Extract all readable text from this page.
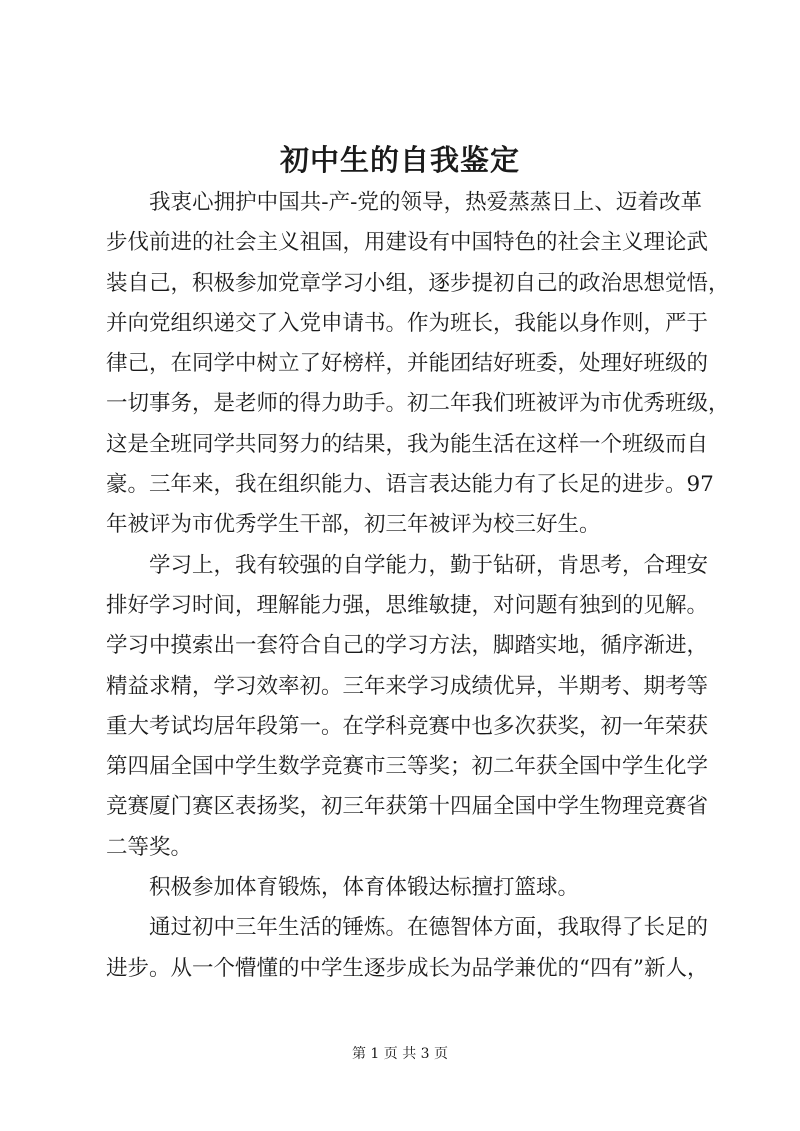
初中生的自我鉴定
我衷心拥护中国共-产-党的领导，热爱蒸蒸日上、迈着改革
步伐前进的社会主义祖国，用建设有中国特色的社会主义理论武
装自己，积极参加党章学习小组，逐步提初自己的政治思想觉悟，
并向党组织递交了入党申请书。作为班长，我能以身作则，严于
律己，在同学中树立了好榜样，并能团结好班委，处理好班级的
一切事务，是老师的得力助手。初二年我们班被评为市优秀班级，
这是全班同学共同努力的结果，我为能生活在这样一个班级而自
豪。三年来，我在组织能力、语言表达能力有了长足的进步。97
年被评为市优秀学生干部，初三年被评为校三好生。
学习上，我有较强的自学能力，勤于钻研，肯思考，合理安
排好学习时间，理解能力强，思维敏捷，对问题有独到的见解。
学习中摸索出一套符合自己的学习方法，脚踏实地，循序渐进，
精益求精，学习效率初。三年来学习成绩优异，半期考、期考等
重大考试均居年段第一。在学科竞赛中也多次获奖，初一年荣获
第四届全国中学生数学竞赛市三等奖；初二年获全国中学生化学
竞赛厦门赛区表扬奖，初三年获第十四届全国中学生物理竞赛省
二等奖。
积极参加体育锻炼，体育体锻达标擅打篮球。
通过初中三年生活的锤炼。在德智体方面，我取得了长足的
进步。从一个懵懂的中学生逐步成长为品学兼优的“四有”新人，
第 1 页 共 3 页
